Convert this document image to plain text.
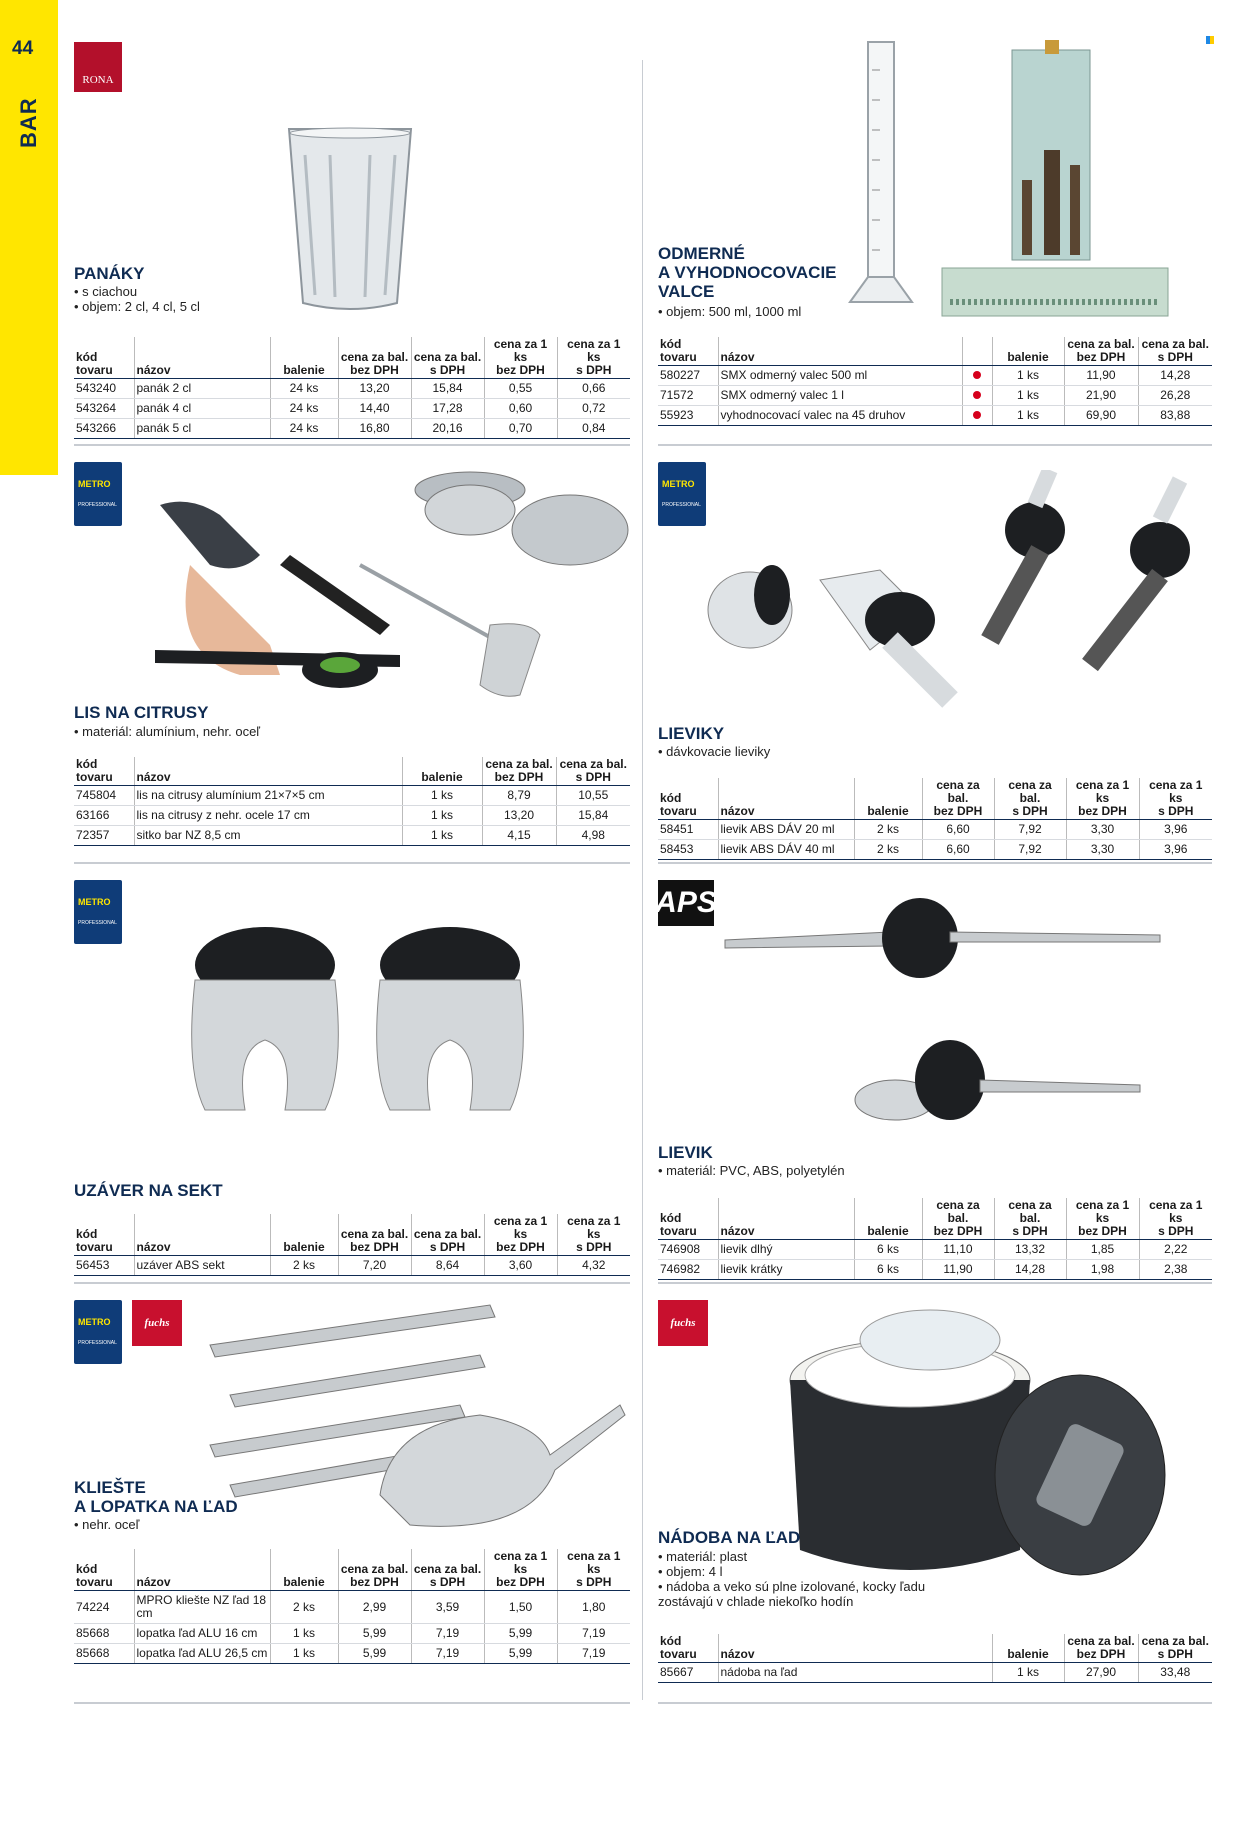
44
BAR
RONA
PANÁKY
• s ciachou
• objem: 2 cl, 4 cl, 5 cl
kód
tovaru	názov	balenie	cena za bal.
bez DPH	cena za bal.
s DPH	cena za 1 ks
bez DPH	cena za 1 ks
s DPH
543240	panák 2 cl	24 ks	13,20	15,84	0,55	0,66
543264	panák 4 cl	24 ks	14,40	17,28	0,60	0,72
543266	panák 5 cl	24 ks	16,80	20,16	0,70	0,84
ODMERNÉ
A VYHODNOCOVACIE
VALCE
• objem: 500 ml, 1000 ml
kód
tovaru	názov		balenie	cena za bal.
bez DPH	cena za bal.
s DPH
580227	SMX odmerný valec 500 ml		1 ks	11,90	14,28
71572	SMX odmerný valec 1 l		1 ks	21,90	26,28
55923	vyhodnocovací valec na 45 druhov		1 ks	69,90	83,88
METRO
PROFESSIONAL
LIS NA CITRUSY
• materiál: alumínium, nehr. oceľ
kód
tovaru	názov	balenie	cena za bal.
bez DPH	cena za bal.
s DPH
745804	lis na citrusy alumínium 21×7×5 cm	1 ks	8,79	10,55
63166	lis na citrusy z nehr. ocele 17 cm	1 ks	13,20	15,84
72357	sitko bar NZ 8,5 cm	1 ks	4,15	4,98
METRO
PROFESSIONAL
LIEVIKY
• dávkovacie lieviky
kód
tovaru	názov	balenie	cena za bal.
bez DPH	cena za bal.
s DPH	cena za 1 ks
bez DPH	cena za 1 ks
s DPH
58451	lievik ABS DÁV 20 ml	2 ks	6,60	7,92	3,30	3,96
58453	lievik ABS DÁV 40 ml	2 ks	6,60	7,92	3,30	3,96
METRO
PROFESSIONAL
UZÁVER NA SEKT
kód
tovaru	názov	balenie	cena za bal.
bez DPH	cena za bal.
s DPH	cena za 1 ks
bez DPH	cena za 1 ks
s DPH
56453	uzáver ABS sekt	2 ks	7,20	8,64	3,60	4,32
APS
LIEVIK
• materiál: PVC, ABS, polyetylén
kód
tovaru	názov	balenie	cena za bal.
bez DPH	cena za bal.
s DPH	cena za 1 ks
bez DPH	cena za 1 ks
s DPH
746908	lievik dlhý	6 ks	11,10	13,32	1,85	2,22
746982	lievik krátky	6 ks	11,90	14,28	1,98	2,38
METRO
PROFESSIONAL
fuchs
KLIEŠTE
A LOPATKA NA ĽAD
• nehr. oceľ
kód
tovaru	názov	balenie	cena za bal.
bez DPH	cena za bal.
s DPH	cena za 1 ks
bez DPH	cena za 1 ks
s DPH
74224	MPRO kliešte NZ ľad 18 cm	2 ks	2,99	3,59	1,50	1,80
85668	lopatka ľad ALU 16 cm	1 ks	5,99	7,19	5,99	7,19
85668	lopatka ľad ALU 26,5 cm	1 ks	5,99	7,19	5,99	7,19
fuchs
NÁDOBA NA ĽAD
• materiál: plast
• objem: 4 l
• nádoba a veko sú plne izolované, kocky ľadu zostávajú v chlade niekoľko hodín
kód
tovaru	názov	balenie	cena za bal.
bez DPH	cena za bal.
s DPH
85667	nádoba na ľad	1 ks	27,90	33,48
